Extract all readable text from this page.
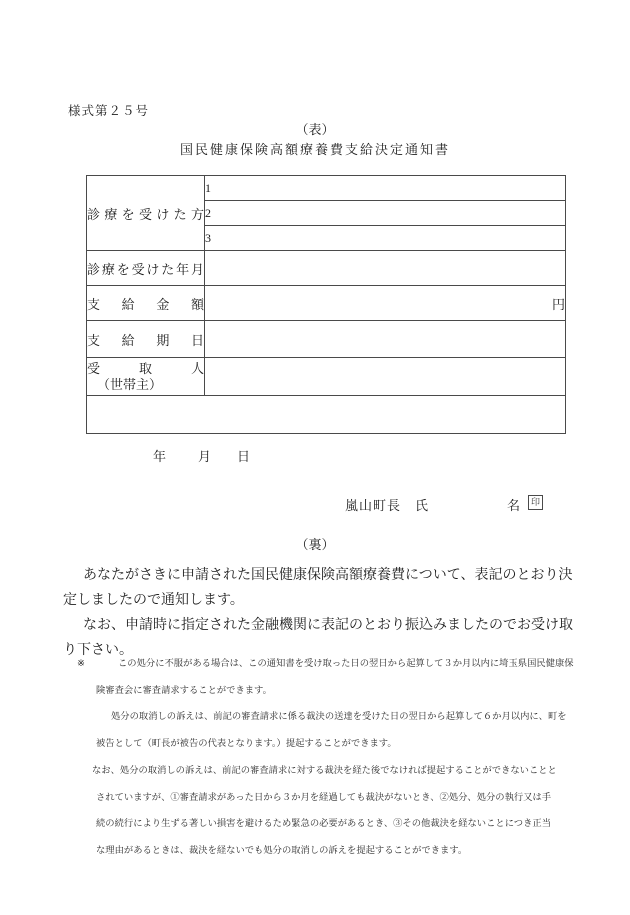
様式第２５号
（表）
国民健康保険高額療養費支給決定通知書
診療を受けた方	1
	2
	3

診療を受けた年月	

支給金額	円

支給期日	

受取人
（世帯主）	

年 月 日
嵐山町長　氏	名	印
（裏）
あなたがさきに申請された国民健康保険高額療養費について、表記のとおり決
定しましたので通知します。
なお、申請時に指定された金融機関に表記のとおり振込みましたのでお受け取
り下さい。
※	この処分に不服がある場合は、この通知書を受け取った日の翌日から起算して３か月以内に埼玉県国民健康保
険審査会に審査請求することができます。
処分の取消しの訴えは、前記の審査請求に係る裁決の送達を受けた日の翌日から起算して６か月以内に、町を
被告として（町長が被告の代表となります。）提起することができます。
なお、処分の取消しの訴えは、前記の審査請求に対する裁決を経た後でなければ提起することができないことと
されていますが、①審査請求があった日から３か月を経過しても裁決がないとき、②処分、処分の執行又は手
続の続行により生ずる著しい損害を避けるため緊急の必要があるとき、③その他裁決を経ないことにつき正当
な理由があるときは、裁決を経ないでも処分の取消しの訴えを提起することができます。
